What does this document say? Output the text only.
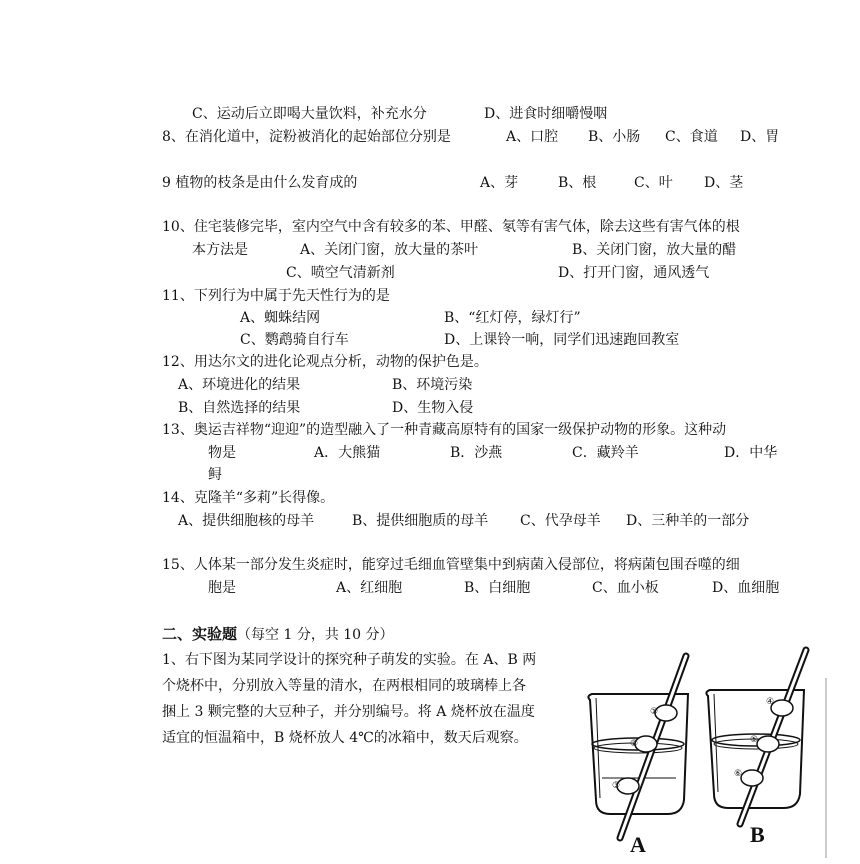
C、运动后立即喝大量饮料，补充水分	D、进食时细嚼慢咽
8、在消化道中，淀粉被消化的起始部位分别是	A、口腔 B、小肠 C、食道 D、胃
9 植物的枝条是由什么发育成的	A、芽	B、根	C、叶 D、茎
10、住宅装修完毕，室内空气中含有较多的苯、甲醛、氡等有害气体，除去这些有害气体的根
本方法是	A、关闭门窗，放大量的茶叶	B、关闭门窗，放大量的醋
C、喷空气清新剂	D、打开门窗，通风透气
11、下列行为中属于先天性行为的是
A、蜘蛛结网	B、“红灯停，绿灯行”
C、鹦鹉骑自行车	D、上课铃一响，同学们迅速跑回教室
12、用达尔文的进化论观点分析，动物的保护色是。
A、环境进化的结果	B、环境污染
B、自然选择的结果	D、生物入侵
13、奥运吉祥物“迎迎”的造型融入了一种青藏高原特有的国家一级保护动物的形象。这种动
物是	A．大熊猫	B．沙燕	C．藏羚羊	D．中华
鲟
14、克隆羊“多莉”长得像。
A、提供细胞核的母羊	B、提供细胞质的母羊 C、代孕母羊 D、三种羊的一部分
15、人体某一部分发生炎症时，能穿过毛细血管壁集中到病菌入侵部位，将病菌包围吞噬的细
胞是	A、红细胞	B、白细胞	C、血小板	D、血细胞
二、实验题（每空 1 分，共 10 分）
1、右下图为某同学设计的探究种子萌发的实验。在 A、B 两
个烧杯中，分别放入等量的清水，在两根相同的玻璃棒上各
捆上 3 颗完整的大豆种子，并分别编号。将 A 烧杯放在温度
适宜的恒温箱中，B 烧杯放人 4℃的冰箱中，数天后观察。
①
②
③
④
⑤
⑥
A	B
